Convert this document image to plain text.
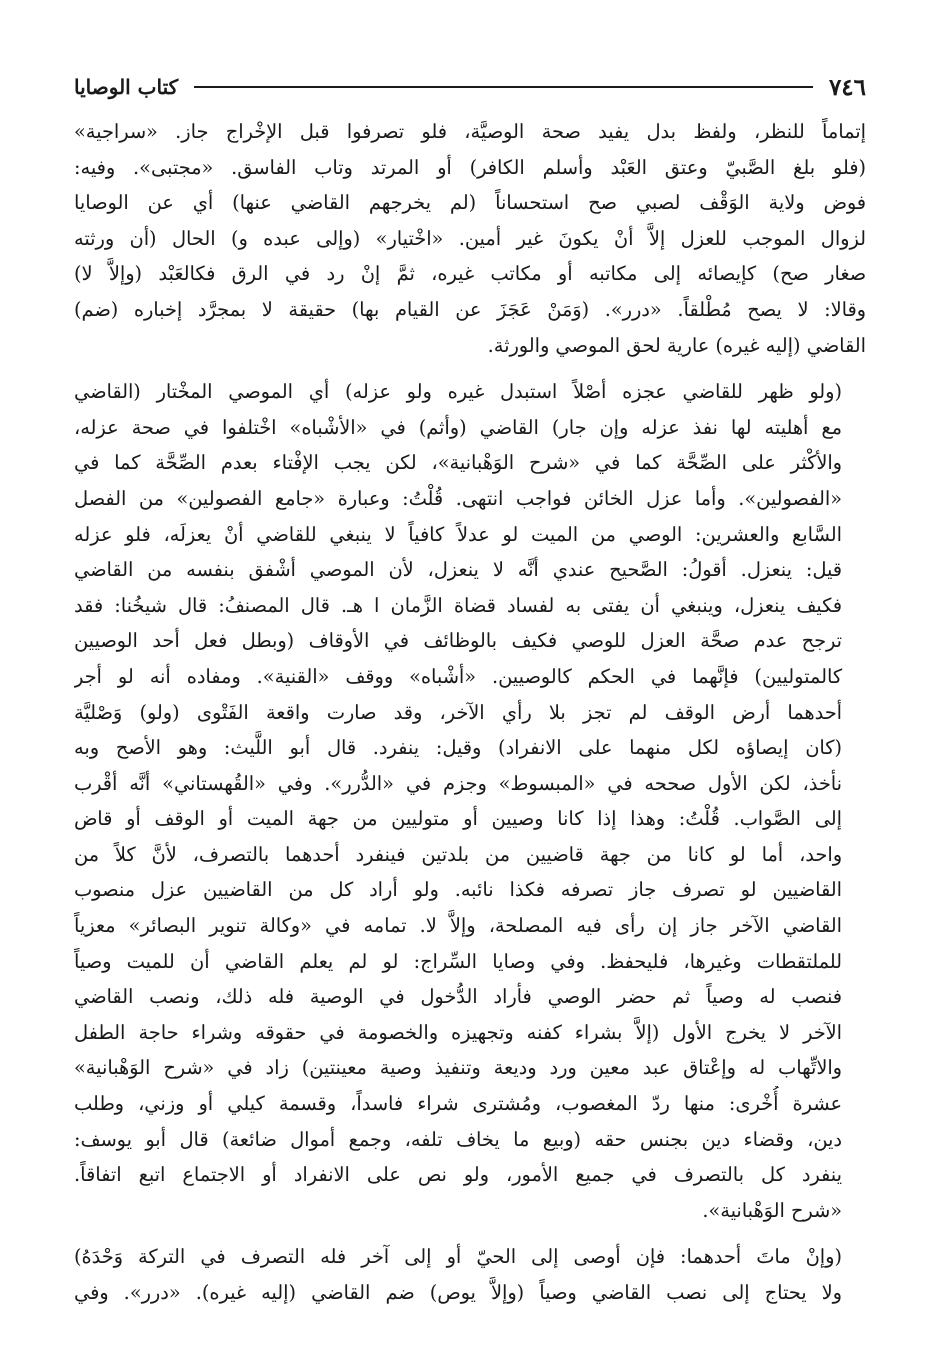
٧٤٦
كتاب الوصايا

إتماماً للنظر، ولفظ بدل يفيد صحة الوصيَّة، فلو تصرفوا قبل الإخْراج جاز. «سراجية»
(فلو بلغ الصَّبيّ وعتق العَبْد وأسلم الكافر) أو المرتد وتاب الفاسق. «مجتبى». وفيه:
فوض ولاية الوَقْف لصبي صح استحساناً (لم يخرجهم القاضي عنها) أي عن الوصايا
لزوال الموجب للعزل إلاَّ أنْ يكونَ غير أمين. «اخْتيار» (وإلى عبده و) الحال (أن ورثته
صغار صح) كإيصائه إلى مكاتبه أو مكاتب غيره، ثمَّ إنْ رد في الرق فكالعَبْد (وإلاَّ لا)
وقالا: لا يصح مُطْلقاً. «درر». (وَمَنْ عَجَزَ عن القيام بها) حقيقة لا بمجرَّد إخباره (ضم)
القاضي (إليه غيره) عارية لحق الموصي والورثة.

(ولو ظهر للقاضي عجزه أصْلاً استبدل غيره ولو عزله) أي الموصي المخْتار (القاضي
مع أهليته لها نفذ عزله وإن جار) القاضي (وأثم) في «الأشْباه» اخْتلفوا في صحة عزله،
والأكْثر على الصِّحَّة كما في «شرح الوَهْبانية»، لكن يجب الإفْتاء بعدم الصِّحَّة كما في
«الفصولين». وأما عزل الخائن فواجب انتهى. قُلْتُ: وعبارة «جامع الفصولين» من الفصل
السَّابع والعشرين: الوصي من الميت لو عدلاً كافياً لا ينبغي للقاضي أنْ يعزلَه، فلو عزله
قيل: ينعزل. أقولُ: الصَّحيح عندي أنَّه لا ينعزل، لأن الموصي أشْفق بنفسه من القاضي
فكيف ينعزل، وينبغي أن يفتى به لفساد قضاة الزَّمان ا هـ. قال المصنفُ: قال شيخُنا: فقد
ترجح عدم صحَّة العزل للوصي فكيف بالوظائف في الأوقاف (وبطل فعل أحد الوصيين
كالمتوليين) فإنَّهما في الحكم كالوصيين. «أشْباه» ووقف «القنية». ومفاده أنه لو أجر
أحدهما أرض الوقف لم تجز بلا رأي الآخر، وقد صارت واقعة الفَتْوى (ولو) وَصْليَّة
(كان إيصاؤه لكل منهما على الانفراد) وقيل: ينفرد. قال أبو اللَّيث: وهو الأصح وبه
نأخذ، لكن الأول صححه في «المبسوط» وجزم في «الدُّرر». وفي «القُهستاني» أنَّه أقْرب
إلى الصَّواب. قُلْتُ: وهذا إذا كانا وصيين أو متوليين من جهة الميت أو الوقف أو قاض
واحد، أما لو كانا من جهة قاضيين من بلدتين فينفرد أحدهما بالتصرف، لأنَّ كلاً من
القاضيين لو تصرف جاز تصرفه فكذا نائبه. ولو أراد كل من القاضيين عزل منصوب
القاضي الآخر جاز إن رأى فيه المصلحة، وإلاَّ لا. تمامه في «وكالة تنوير البصائر» معزياً
للملتقطات وغيرها، فليحفظ. وفي وصايا السِّراج: لو لم يعلم القاضي أن للميت وصياً
فنصب له وصياً ثم حضر الوصي فأراد الدُّخول في الوصية فله ذلك، ونصب القاضي
الآخر لا يخرج الأول (إلاَّ بشراء كفنه وتجهيزه والخصومة في حقوقه وشراء حاجة الطفل
والاتِّهاب له وإعْتاق عبد معين ورد وديعة وتنفيذ وصية معينتين) زاد في «شرح الوَهْبانية»
عشرة أُخْرى: منها ردّ المغصوب، ومُشترى شراء فاسداً، وقسمة كيلي أو وزني، وطلب
دين، وقضاء دين بجنس حقه (وبيع ما يخاف تلفه، وجمع أموال ضائعة) قال أبو يوسف:
ينفرد كل بالتصرف في جميع الأمور، ولو نص على الانفراد أو الاجتماع اتبع اتفاقاً.
«شرح الوَهْبانية».

(وإنْ ماتَ أحدهما: فإن أوصى إلى الحيّ أو إلى آخر فله التصرف في التركة وَحْدَهُ)
ولا يحتاج إلى نصب القاضي وصياً (وإلاَّ يوص) ضم القاضي (إليه غيره). «درر». وفي
